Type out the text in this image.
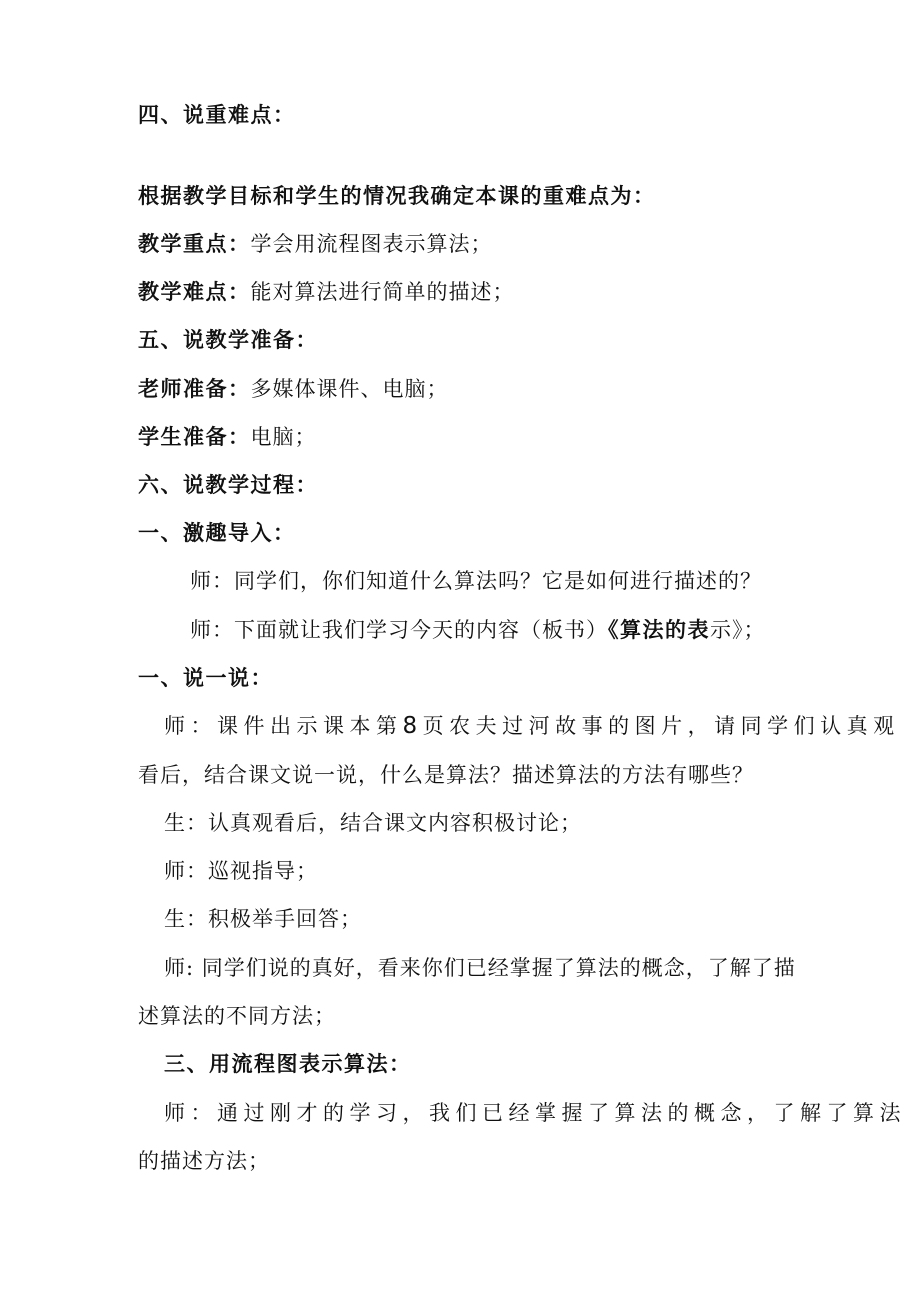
四、说重难点：
根据教学目标和学生的情况我确定本课的重难点为：
教学重点：学会用流程图表示算法；
教学难点：能对算法进行简单的描述；
五、说教学准备：
老师准备：多媒体课件、电脑；
学生准备：电脑；
六、说教学过程：
一、激趣导入：
师：同学们，你们知道什么算法吗？它是如何进行描述的？
师：下面就让我们学习今天的内容（板书）《算法的表示》；
一、说一说：
师：课件出示课本第8页农夫过河故事的图片，请同学们认真观
看后，结合课文说一说，什么是算法？描述算法的方法有哪些？
生：认真观看后，结合课文内容积极讨论；
师：巡视指导；
生：积极举手回答；
师: 同学们说的真好，看来你们已经掌握了算法的概念，了解了描
述算法的不同方法；
三、用流程图表示算法：
师：通过刚才的学习，我们已经掌握了算法的概念，了解了算法
的描述方法；
